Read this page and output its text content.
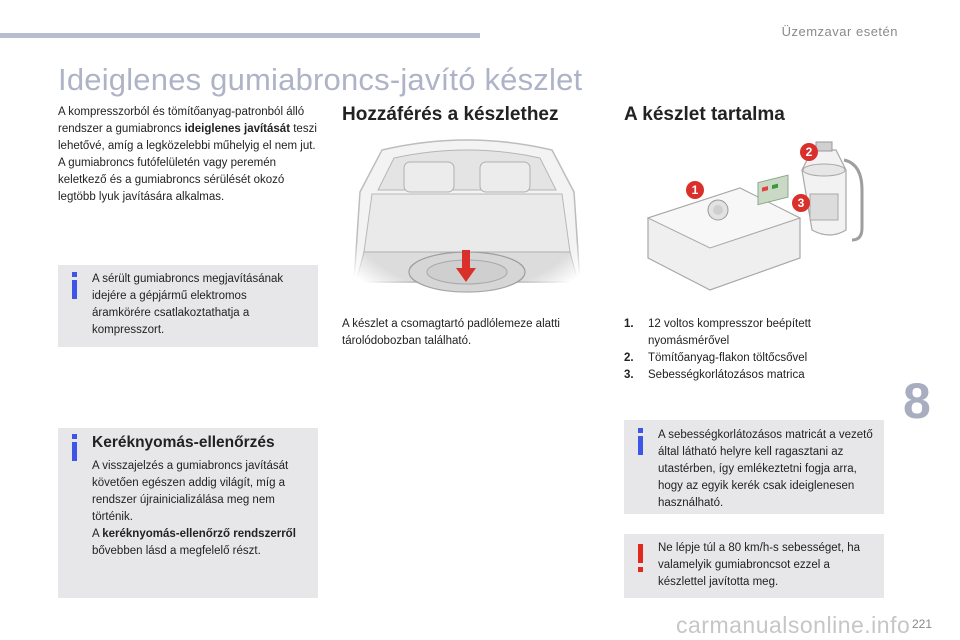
Üzemzavar esetén
Ideiglenes gumiabroncs-javító készlet
A kompresszorból és tömítőanyag-patronból álló rendszer a gumiabroncs ideiglenes javítását teszi lehetővé, amíg a legközelebbi műhelyig el nem jut.
A gumiabroncs futófelületén vagy peremén keletkező és a gumiabroncs sérülését okozó legtöbb lyuk javítására alkalmas.
A sérült gumiabroncs megjavításának idejére a gépjármű elektromos áramkörére csatlakoztathatja a kompresszort.
Keréknyomás-ellenőrzés
A visszajelzés a gumiabroncs javítását követően egészen addig világít, míg a rendszer újrainicializálása meg nem történik.
A keréknyomás-ellenőrző rendszerről bővebben lásd a megfelelő részt.
Hozzáférés a készlethez
A készlet a csomagtartó padlólemeze alatti tárolódobozban található.
A készlet tartalma
1
2
3
1.	12 voltos kompresszor beépített nyomásmérővel
2.	Tömítőanyag-flakon töltőcsővel
3.	Sebességkorlátozásos matrica
A sebességkorlátozásos matricát a vezető által látható helyre kell ragasztani az utastérben, így emlékeztetni fogja arra, hogy az egyik kerék csak ideiglenesen használható.
Ne lépje túl a 80 km/h-s sebességet, ha valamelyik gumiabroncsot ezzel a készlettel javította meg.
8
carmanualsonline.info 221
